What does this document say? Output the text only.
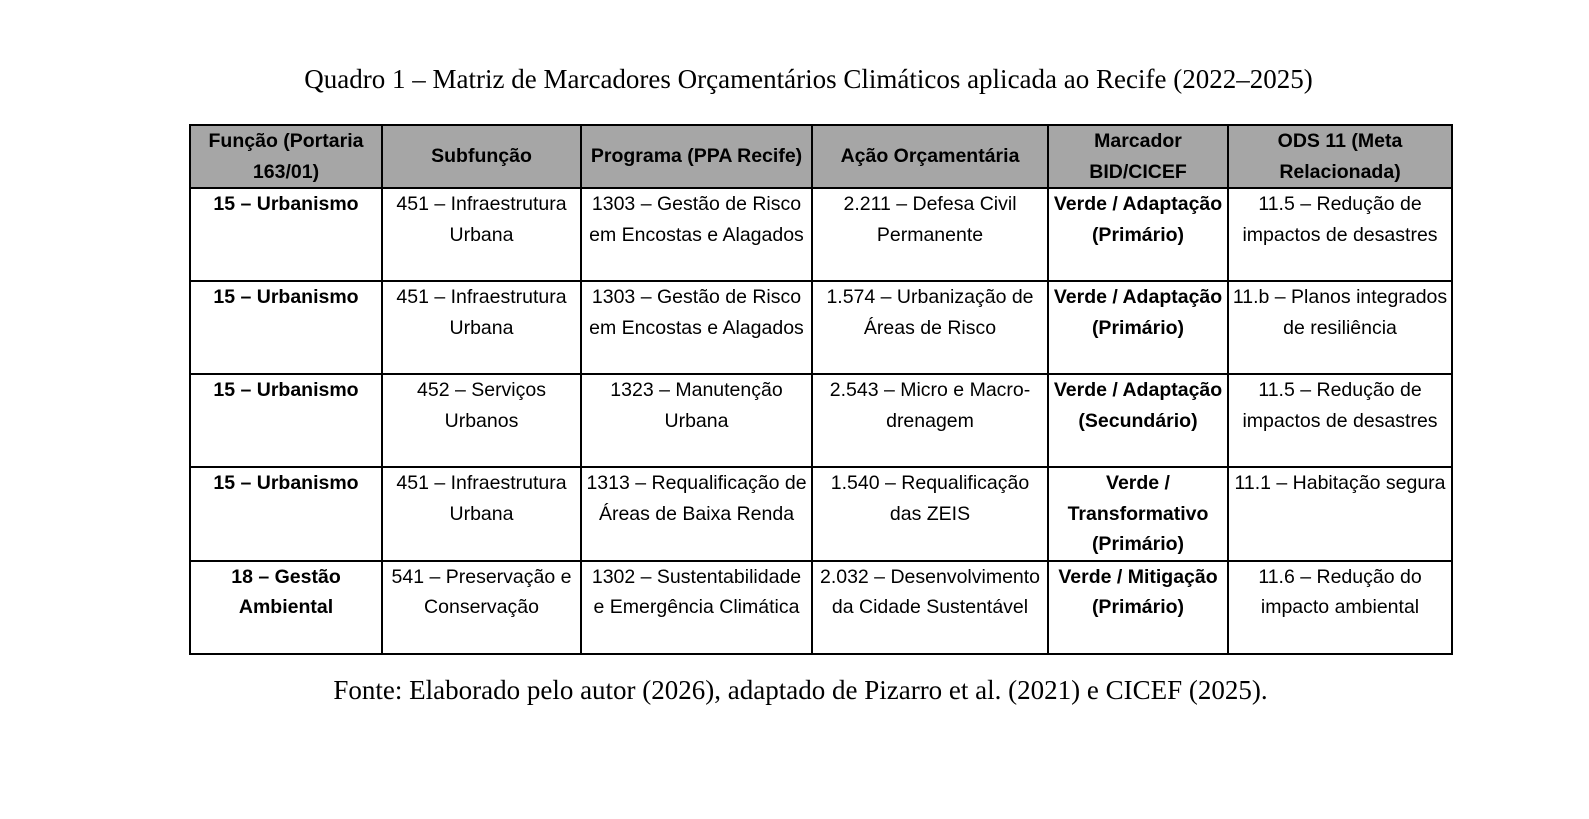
Quadro 1 – Matriz de Marcadores Orçamentários Climáticos aplicada ao Recife (2022–2025)
Função (Portaria 163/01)	Subfunção	Programa (PPA Recife)	Ação Orçamentária	Marcador BID/CICEF	ODS 11 (Meta Relacionada)
15 – Urbanismo	451 – Infraestrutura Urbana	1303 – Gestão de Risco em Encostas e Alagados	2.211 – Defesa Civil Permanente	Verde / Adaptação (Primário)	11.5 – Redução de impactos de desastres
15 – Urbanismo	451 – Infraestrutura Urbana	1303 – Gestão de Risco em Encostas e Alagados	1.574 – Urbanização de Áreas de Risco	Verde / Adaptação (Primário)	11.b – Planos integrados de resiliência
15 – Urbanismo	452 – Serviços Urbanos	1323 – Manutenção Urbana	2.543 – Micro e Macro-drenagem	Verde / Adaptação (Secundário)	11.5 – Redução de impactos de desastres
15 – Urbanismo	451 – Infraestrutura Urbana	1313 – Requalificação de Áreas de Baixa Renda	1.540 – Requalificação das ZEIS	Verde / Transformativo (Primário)	11.1 – Habitação segura
18 – Gestão Ambiental	541 – Preservação e Conservação	1302 – Sustentabilidade e Emergência Climática	2.032 – Desenvolvimento da Cidade Sustentável	Verde / Mitigação (Primário)	11.6 – Redução do impacto ambiental
Fonte: Elaborado pelo autor (2026), adaptado de Pizarro et al. (2021) e CICEF (2025).
